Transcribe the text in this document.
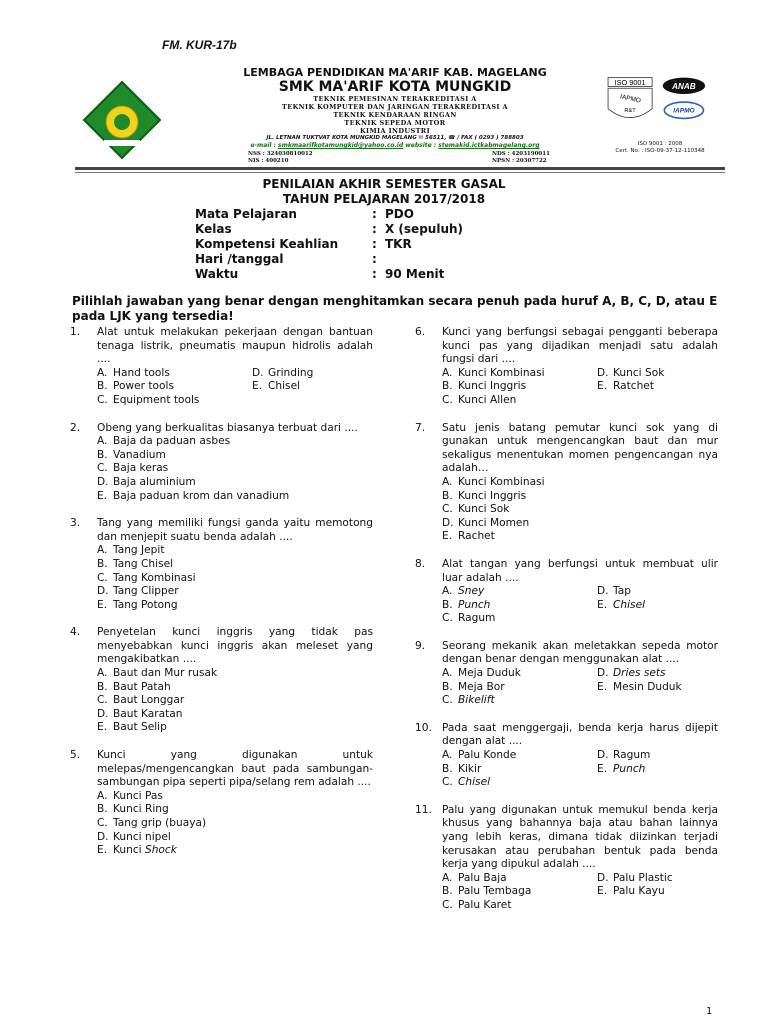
FM. KUR-17b
LEMBAGA PENDIDIKAN MA'ARIF KAB. MAGELANG
SMK MA'ARIF KOTA MUNGKID
TEKNIK PEMESINAN TERAKREDITASI A
TEKNIK KOMPUTER DAN JARINGAN TERAKREDITASI A
TEKNIK KENDARAAN RINGAN
TEKNIK SEPEDA MOTOR
KIMIA INDUSTRI
JL. LETNAN TUKTVAT KOTA MUNGKID MAGELANG ✉ 56511, ☎ / FAX ( 0293 ) 788803
e-mail : smkmaarifkotamungkid@yahoo.co.id website : stemakid.ictkabmagelang.org
NSS : 324030810012
NIS : 400210
NDS : 4203190011
NPSN : 20307722
ISO 9001
IAPMO
R&T
ANAB
IAPMO
ISO 9001 : 2008
Cert. No. : ISO-09-37-12-110348
PENILAIAN AKHIR SEMESTER GASAL
TAHUN PELAJARAN 2017/2018
Mata Pelajaran	: PDO
Kelas	: X (sepuluh)
Kompetensi Keahlian	: TKR
Hari /tanggal	:
Waktu	: 90 Menit
Pilihlah jawaban yang benar dengan menghitamkan secara penuh pada huruf A, B, C, D, atau E pada LJK yang tersedia!
1. Alat untuk melakukan pekerjaan dengan bantuan tenaga listrik, pneumatis maupun hidrolis adalah ....
A. Hand tools
B. Power tools
C. Equipment tools
D. Grinding
E. Chisel
2. Obeng yang berkualitas biasanya terbuat dari ....
A. Baja da paduan asbes
B. Vanadium
C. Baja keras
D. Baja aluminium
E. Baja paduan krom dan vanadium
3. Tang yang memiliki fungsi ganda yaitu memotong dan menjepit suatu benda adalah ....
A. Tang Jepit
B. Tang Chisel
C. Tang Kombinasi
D. Tang Clipper
E. Tang Potong
4. Penyetelan kunci inggris yang tidak pas menyebabkan kunci inggris akan meleset yang mengakibatkan ....
A. Baut dan Mur rusak
B. Baut Patah
C. Baut Longgar
D. Baut Karatan
E. Baut Selip
5. Kunci yang digunakan untuk melepas/mengencangkan baut pada sambungan-sambungan pipa seperti pipa/selang rem adalah ....
A. Kunci Pas
B. Kunci Ring
C. Tang grip (buaya)
D. Kunci nipel
E. Kunci Shock
6. Kunci yang berfungsi sebagai pengganti beberapa kunci pas yang dijadikan menjadi satu adalah fungsi dari ....
A. Kunci Kombinasi
B. Kunci Inggris
C. Kunci Allen
D. Kunci Sok
E. Ratchet
7. Satu jenis batang pemutar kunci sok yang di gunakan untuk mengencangkan baut dan mur sekaligus menentukan momen pengencangan nya adalah…
A. Kunci Kombinasi
B. Kunci Inggris
C. Kunci Sok
D. Kunci Momen
E. Rachet
8. Alat tangan yang berfungsi untuk membuat ulir luar adalah ....
A. Sney
B. Punch
C. Ragum
D. Tap
E. Chisel
9. Seorang mekanik akan meletakkan sepeda motor dengan benar dengan menggunakan alat ....
A. Meja Duduk
B. Meja Bor
C. Bikelift
D. Dries sets
E. Mesin Duduk
10. Pada saat menggergaji, benda kerja harus dijepit dengan alat ....
A. Palu Konde
B. Kikir
C. Chisel
D. Ragum
E. Punch
11. Palu yang digunakan untuk memukul benda kerja khusus yang bahannya baja atau bahan lainnya yang lebih keras, dimana tidak diizinkan terjadi kerusakan atau perubahan bentuk pada benda kerja yang dipukul adalah ....
A. Palu Baja
B. Palu Tembaga
C. Palu Karet
D. Palu Plastic
E. Palu Kayu
1
